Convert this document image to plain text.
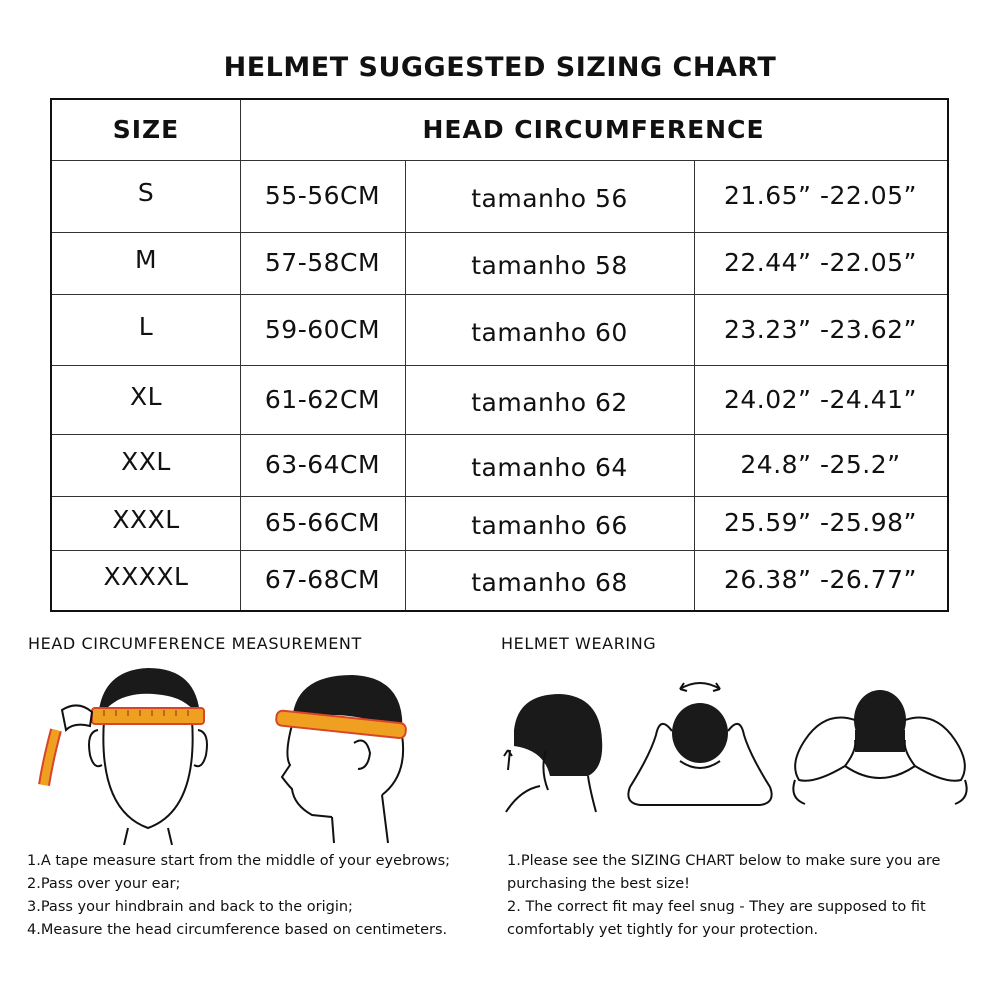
HELMET SUGGESTED SIZING CHART
SIZE	HEAD CIRCUMFERENCE
S	55-56CM	tamanho 56	21.65” -22.05”
M	57-58CM	tamanho 58	22.44” -22.05”
L	59-60CM	tamanho 60	23.23” -23.62”
XL	61-62CM	tamanho 62	24.02” -24.41”
XXL	63-64CM	tamanho 64	24.8” -25.2”
XXXL	65-66CM	tamanho 66	25.59” -25.98”
XXXXL	67-68CM	tamanho 68	26.38” -26.77”
HEAD CIRCUMFERENCE MEASUREMENT	HELMET WEARING
1.A tape measure start from the middle of your eyebrows;
2.Pass over your ear;
3.Pass your hindbrain and back to the origin;
4.Measure the head circumference based on centimeters.
1.Please see the SIZING CHART below to make sure you are
purchasing the best size!
2. The correct fit may feel snug - They are supposed to fit
comfortably yet tightly for your protection.
